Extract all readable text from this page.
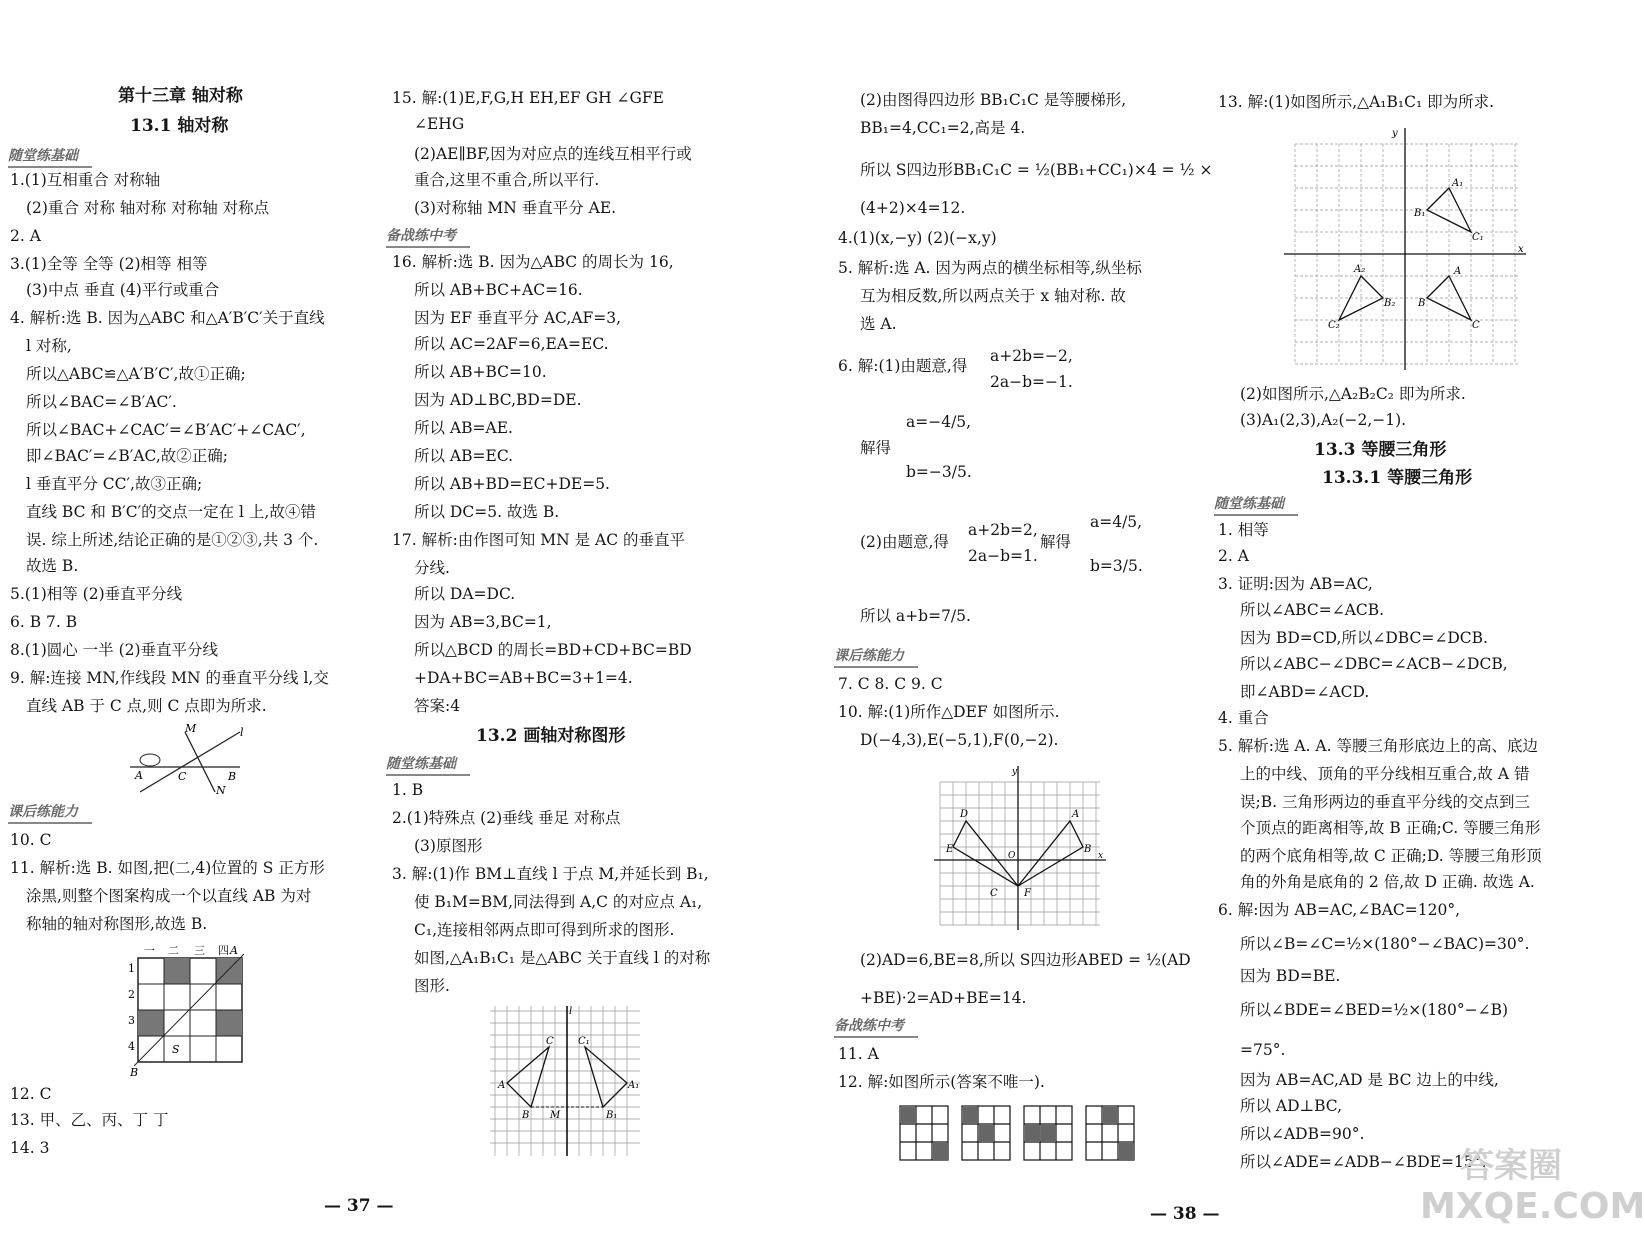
第十三章 轴对称
13.1 轴对称
随堂练基础
1.(1)互相重合 对称轴
(2)重合 对称 轴对称 对称轴 对称点
2. A
3.(1)全等 全等 (2)相等 相等
(3)中点 垂直 (4)平行或重合
4. 解析:选 B. 因为△ABC 和△A′B′C′关于直线
l 对称,
所以△ABC≌△A′B′C′,故①正确;
所以∠BAC=∠B′AC′.
所以∠BAC+∠CAC′=∠B′AC′+∠CAC′,
即∠BAC′=∠B′AC,故②正确;
l 垂直平分 CC′,故③正确;
直线 BC 和 B′C′的交点一定在 l 上,故④错
误. 综上所述,结论正确的是①②③,共 3 个.
故选 B.
5.(1)相等 (2)垂直平分线
6. B 7. B
8.(1)圆心 一半 (2)垂直平分线
9. 解:连接 MN,作线段 MN 的垂直平分线 l,交
直线 AB 于 C 点,则 C 点即为所求.
课后练能力
10. C
11. 解析:选 B. 如图,把(二,4)位置的 S 正方形
涂黑,则整个图案构成一个以直线 AB 为对
称轴的轴对称图形,故选 B.
12. C
13. 甲、乙、丙、丁 丁
14. 3
15. 解:(1)E,F,G,H EH,EF GH ∠GFE
∠EHG
(2)AE∥BF,因为对应点的连线互相平行或
重合,这里不重合,所以平行.
(3)对称轴 MN 垂直平分 AE.
备战练中考
16. 解析:选 B. 因为△ABC 的周长为 16,
所以 AB+BC+AC=16.
因为 EF 垂直平分 AC,AF=3,
所以 AC=2AF=6,EA=EC.
所以 AB+BC=10.
因为 AD⊥BC,BD=DE.
所以 AB=AE.
所以 AB=EC.
所以 AB+BD=EC+DE=5.
所以 DC=5. 故选 B.
17. 解析:由作图可知 MN 是 AC 的垂直平
分线.
所以 DA=DC.
因为 AB=3,BC=1,
所以△BCD 的周长=BD+CD+BC=BD
+DA+BC=AB+BC=3+1=4.
答案:4
13.2 画轴对称图形
随堂练基础
1. B
2.(1)特殊点 (2)垂线 垂足 对称点
(3)原图形
3. 解:(1)作 BM⊥直线 l 于点 M,并延长到 B₁,
使 B₁M=BM,同法得到 A,C 的对应点 A₁,
C₁,连接相邻两点即可得到所求的图形.
如图,△A₁B₁C₁ 是△ABC 关于直线 l 的对称
图形.
(2)由图得四边形 BB₁C₁C 是等腰梯形,
BB₁=4,CC₁=2,高是 4.
所以 S四边形BB₁C₁C = ½(BB₁+CC₁)×4 = ½ ×
(4+2)×4=12.
4.(1)(x,−y) (2)(−x,y)
5. 解析:选 A. 因为两点的横坐标相等,纵坐标
互为相反数,所以两点关于 x 轴对称. 故
选 A.
6. 解:(1)由题意,得
a+2b=−2,
2a−b=−1.
解得
a=−4/5,
b=−3/5.
(2)由题意,得
a+2b=2,
2a−b=1.
解得
a=4/5,
b=3/5.
所以 a+b=7/5.
课后练能力
7. C 8. C 9. C
10. 解:(1)所作△DEF 如图所示.
D(−4,3),E(−5,1),F(0,−2).
(2)AD=6,BE=8,所以 S四边形ABED = ½(AD
+BE)·2=AD+BE=14.
备战练中考
11. A
12. 解:如图所示(答案不唯一).
13. 解:(1)如图所示,△A₁B₁C₁ 即为所求.
(2)如图所示,△A₂B₂C₂ 即为所求.
(3)A₁(2,3),A₂(−2,−1).
13.3 等腰三角形
13.3.1 等腰三角形
随堂练基础
1. 相等
2. A
3. 证明:因为 AB=AC,
所以∠ABC=∠ACB.
因为 BD=CD,所以∠DBC=∠DCB.
所以∠ABC−∠DBC=∠ACB−∠DCB,
即∠ABD=∠ACD.
4. 重合
5. 解析:选 A. A. 等腰三角形底边上的高、底边
上的中线、顶角的平分线相互重合,故 A 错
误;B. 三角形两边的垂直平分线的交点到三
个顶点的距离相等,故 B 正确;C. 等腰三角形
的两个底角相等,故 C 正确;D. 等腰三角形顶
角的外角是底角的 2 倍,故 D 正确. 故选 A.
6. 解:因为 AB=AC,∠BAC=120°,
所以∠B=∠C=½×(180°−∠BAC)=30°.
因为 BD=BE.
所以∠BDE=∠BED=½×(180°−∠B)
=75°.
因为 AB=AC,AD 是 BC 边上的中线,
所以 AD⊥BC,
所以∠ADB=90°.
所以∠ADE=∠ADB−∠BDE=15°.
A	C	B
M
N
l
一 二 三 四 A
1
2
3
4	S
B
A
B
C
M
C₁
B₁
A₁
l
y
x
O
D
E
A
B
C	F
y
x
A₁
B₁
C₁
A₂
B₂
C₂
A
B
C
— 37 —	— 38 —
答案圈
MXQE.COM
